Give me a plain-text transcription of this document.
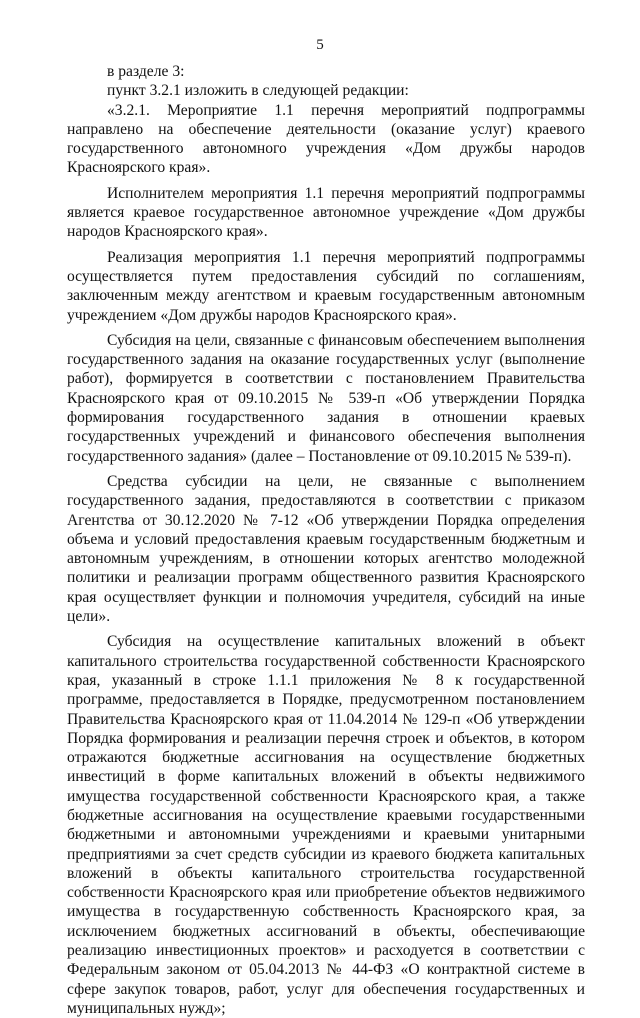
5

в разделе 3:

пункт 3.2.1 изложить в следующей редакции:

«3.2.1. Мероприятие 1.1 перечня мероприятий подпрограммы направлено на обеспечение деятельности (оказание услуг) краевого государственного автономного учреждения «Дом дружбы народов Красноярского края».

Исполнителем мероприятия 1.1 перечня мероприятий подпрограммы является краевое государственное автономное учреждение «Дом дружбы народов Красноярского края».

Реализация мероприятия 1.1 перечня мероприятий подпрограммы осуществляется путем предоставления субсидий по соглашениям, заключенным между агентством и краевым государственным автономным учреждением «Дом дружбы народов Красноярского края».

Субсидия на цели, связанные с финансовым обеспечением выполнения государственного задания на оказание государственных услуг (выполнение работ), формируется в соответствии с постановлением Правительства Красноярского края от 09.10.2015 № 539-п «Об утверждении Порядка формирования государственного задания в отношении краевых государственных учреждений и финансового обеспечения выполнения государственного задания» (далее – Постановление от 09.10.2015 № 539-п).

Средства субсидии на цели, не связанные с выполнением государственного задания, предоставляются в соответствии с приказом Агентства от 30.12.2020 № 7-12 «Об утверждении Порядка определения объема и условий предоставления краевым государственным бюджетным и автономным учреждениям, в отношении которых агентство молодежной политики и реализации программ общественного развития Красноярского края осуществляет функции и полномочия учредителя, субсидий на иные цели».

Субсидия на осуществление капитальных вложений в объект капитального строительства государственной собственности Красноярского края, указанный в строке 1.1.1 приложения № 8 к государственной программе, предоставляется в Порядке, предусмотренном постановлением Правительства Красноярского края от 11.04.2014 № 129-п «Об утверждении Порядка формирования и реализации перечня строек и объектов, в котором отражаются бюджетные ассигнования на осуществление бюджетных инвестиций в форме капитальных вложений в объекты недвижимого имущества государственной собственности Красноярского края, а также бюджетные ассигнования на осуществление краевыми государственными бюджетными и автономными учреждениями и краевыми унитарными предприятиями за счет средств субсидии из краевого бюджета капитальных вложений в объекты капитального строительства государственной собственности Красноярского края или приобретение объектов недвижимого имущества в государственную собственность Красноярского края, за исключением бюджетных ассигнований в объекты, обеспечивающие реализацию инвестиционных проектов» и расходуется в соответствии с Федеральным законом от 05.04.2013 № 44-ФЗ «О контрактной системе в сфере закупок товаров, работ, услуг для обеспечения государственных и муниципальных нужд»;
